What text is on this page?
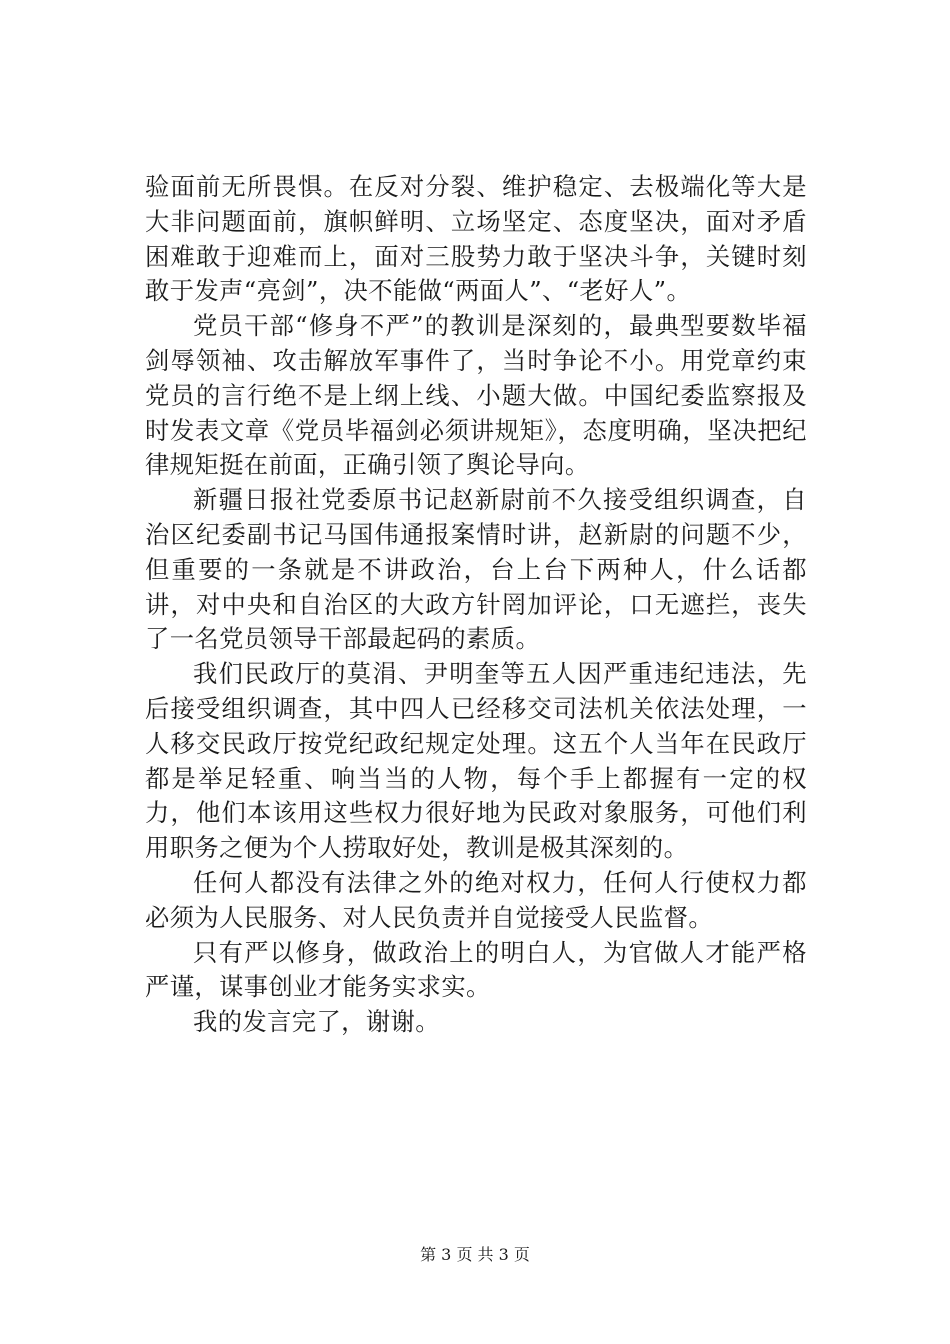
验面前无所畏惧。在反对分裂、维护稳定、去极端化等大是大非问题面前，旗帜鲜明、立场坚定、态度坚决，面对矛盾困难敢于迎难而上，面对三股势力敢于坚决斗争，关键时刻敢于发声“亮剑”，决不能做“两面人”、“老好人”。

党员干部“修身不严”的教训是深刻的，最典型要数毕福剑辱领袖、攻击解放军事件了，当时争论不小。用党章约束党员的言行绝不是上纲上线、小题大做。中国纪委监察报及时发表文章《党员毕福剑必须讲规矩》，态度明确，坚决把纪律规矩挺在前面，正确引领了舆论导向。

新疆日报社党委原书记赵新尉前不久接受组织调查，自治区纪委副书记马国伟通报案情时讲，赵新尉的问题不少，但重要的一条就是不讲政治，台上台下两种人，什么话都讲，对中央和自治区的大政方针罔加评论，口无遮拦，丧失了一名党员领导干部最起码的素质。

我们民政厅的莫涓、尹明奎等五人因严重违纪违法，先后接受组织调查，其中四人已经移交司法机关依法处理，一人移交民政厅按党纪政纪规定处理。这五个人当年在民政厅都是举足轻重、响当当的人物，每个手上都握有一定的权力，他们本该用这些权力很好地为民政对象服务，可他们利用职务之便为个人捞取好处，教训是极其深刻的。

任何人都没有法律之外的绝对权力，任何人行使权力都必须为人民服务、对人民负责并自觉接受人民监督。

只有严以修身，做政治上的明白人，为官做人才能严格严谨，谋事创业才能务实求实。

我的发言完了，谢谢。

第 3 页 共 3 页
